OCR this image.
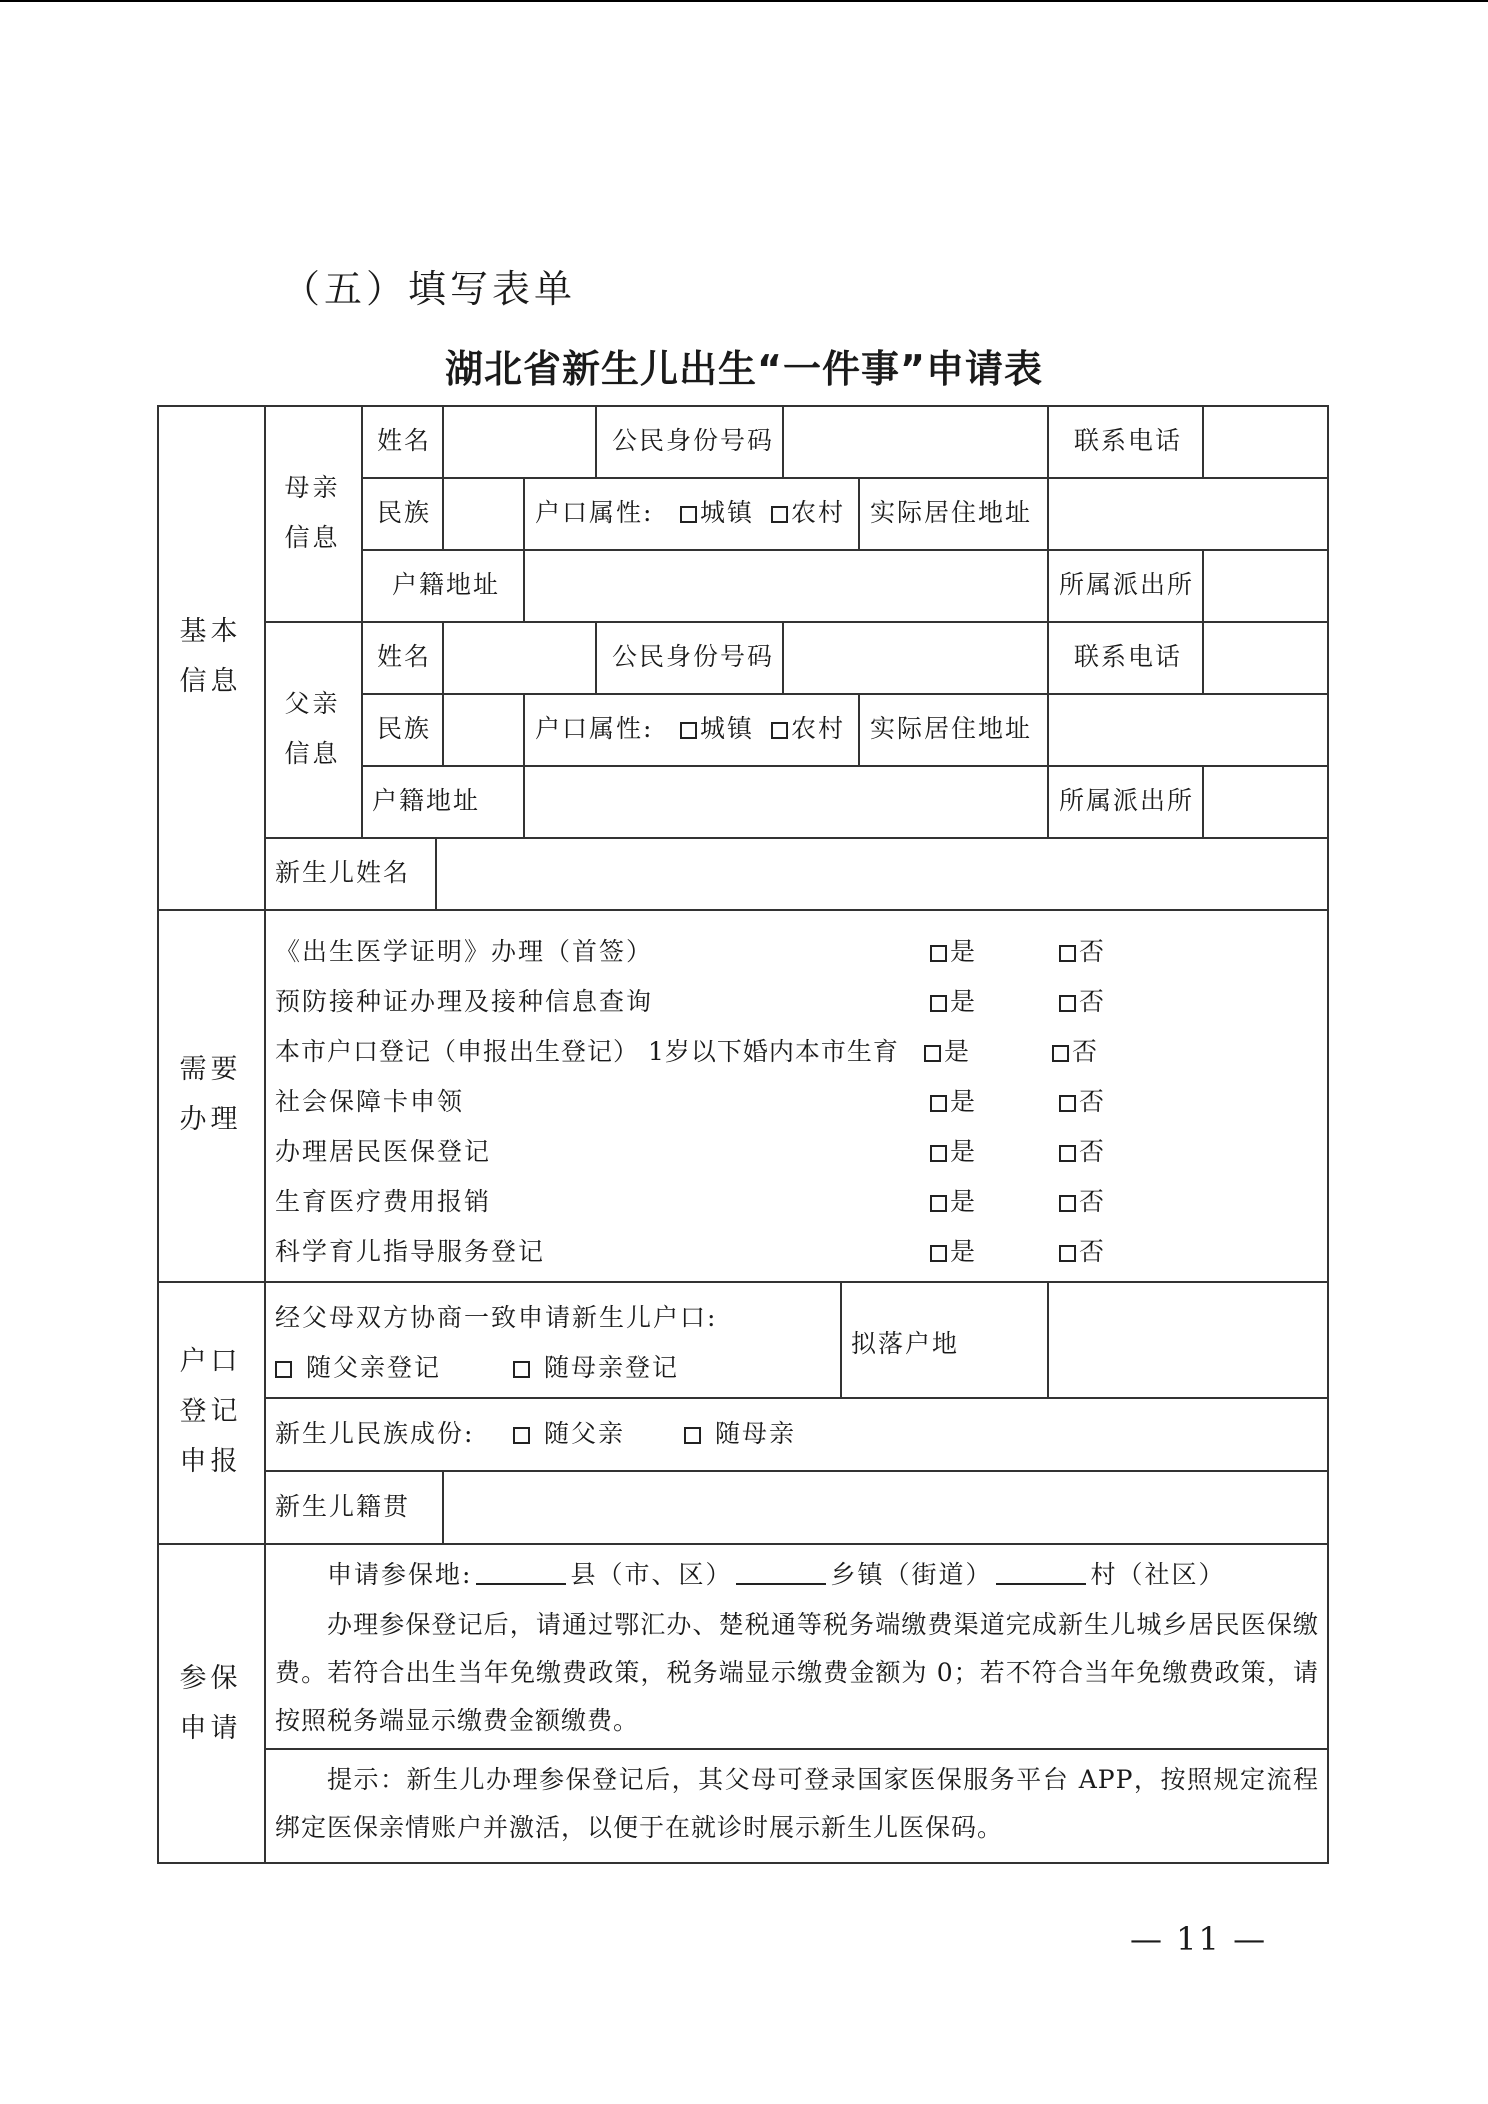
（五）填写表单
湖北省新生儿出生“一件事”申请表
基本
信息
母亲
信息
父亲
信息
姓名	公民身份号码	联系电话
民族	户口属性:	城镇	农村 实际居住地址
户籍地址	所属派出所
姓名	公民身份号码	联系电话
民族	户口属性:	城镇	农村 实际居住地址
户籍地址	所属派出所
新生儿姓名
需要
办理
《出生医学证明》办理（首签）	是	否
预防接种证办理及接种信息查询	是	否
本市户口登记（申报出生登记） 1岁以下婚内本市生育	是	否
社会保障卡申领	是	否
办理居民医保登记	是	否
生育医疗费用报销	是	否
科学育儿指导服务登记	是	否
户口
登记
申报
经父母双方协商一致申请新生儿户口:
随父亲登记	随母亲登记
拟落户地
新生儿民族成份:	随父亲	随母亲
新生儿籍贯
参保
申请
申请参保地:	县（市、区）	乡镇（街道）	村（社区）
办理参保登记后，请通过鄂汇办、楚税通等税务端缴费渠道完成新生儿城乡居民医保缴费。若符合出生当年免缴费政策，税务端显示缴费金额为 0；若不符合当年免缴费政策，请按照税务端显示缴费金额缴费。
提示：新生儿办理参保登记后，其父母可登录国家医保服务平台 APP，按照规定流程绑定医保亲情账户并激活，以便于在就诊时展示新生儿医保码。
— 11 —
